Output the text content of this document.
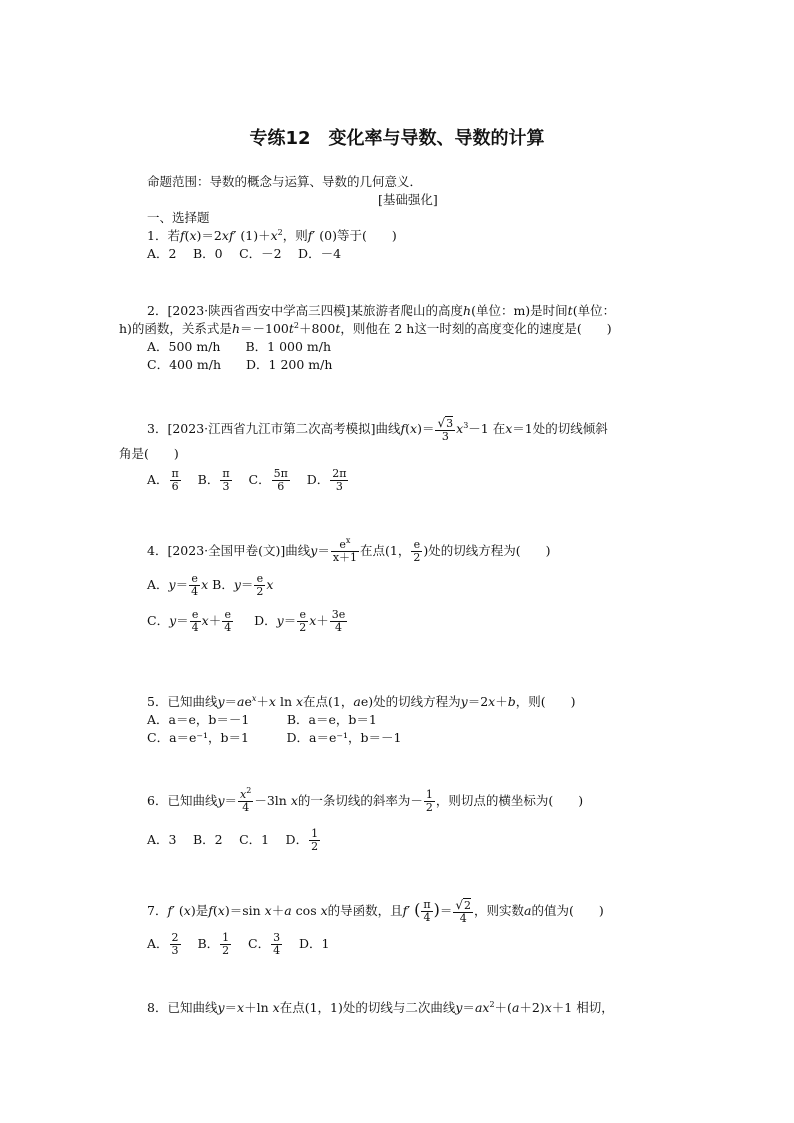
专练12　变化率与导数、导数的计算
命题范围：导数的概念与运算、导数的几何意义．
[基础强化]
一、选择题
1．若f(x)＝2xf′ $(1)+x^2$，则f′ (0)等于(　　)
A．2　 B．0　 C．－2　 D．－4
2．[2023·陕西省西安中学高三四模]某旅游者爬山的高度h(单位：m)是时间t(单位：
h)的函数，关系式是$h=-100t^2+800t$，则他在 2 h这一时刻的高度变化的速度是(　　)
A．500 m/h　　B．1 000 m/h
C．400 m/h　　D．1 200 m/h
3．[2023·江西省九江市第二次高考模拟]曲线$f(x)= \frac{√3}{3} x^3-1$ 在x＝1处的切线倾斜
角是(　　)
A． $\frac{\pi}{6}$ B． $\frac{\pi}{3}$ C． $\frac{5\pi}{6}$ D． $\frac{2\pi}{3}$
4．[2023·全国甲卷(文)]曲线$y= \frac{e^x}{x+1}$ 在点(1， $\frac{e}{2}$ )处的切线方程为(　　)
A．$y= \frac{e}{4}$ x B．$y= \frac{e}{2}$ x
C．$y= \frac{e}{4} x+ \frac{e}{4}$ D．$y= \frac{e}{2} x+ \frac{3e}{4}$
5．已知曲线$y=ae^x+x$ ln x在点(1，ae)处的切线方程为y＝2x＋b，则(　　)
A．a＝e，b＝－1　　　B．a＝e，b＝1
C．a＝e⁻¹，b＝1　　　D．a＝e⁻¹，b＝－1
6．已知曲线$y= \frac{x^2}{4} -3\ln$ x的一条切线的斜率为－ $\frac{1}{2}$ ，则切点的横坐标为(　　)
A．3　 B．2　 C．1　 D． $\frac{1}{2}$
7．f′ (x)是f(x)＝sin x＋a cos x的导函数，且f′ ( $\frac{\pi}{4}$ )＝ $\frac{√2}{4}$ ，则实数a的值为(　　)
A． $\frac{2}{3}$ B． $\frac{1}{2}$ C． $\frac{3}{4}$ D．1
8．已知曲线y＝x＋ln x在点(1，1)处的切线与二次曲线$y=ax^2+(a+2)x+1$ 相切，
